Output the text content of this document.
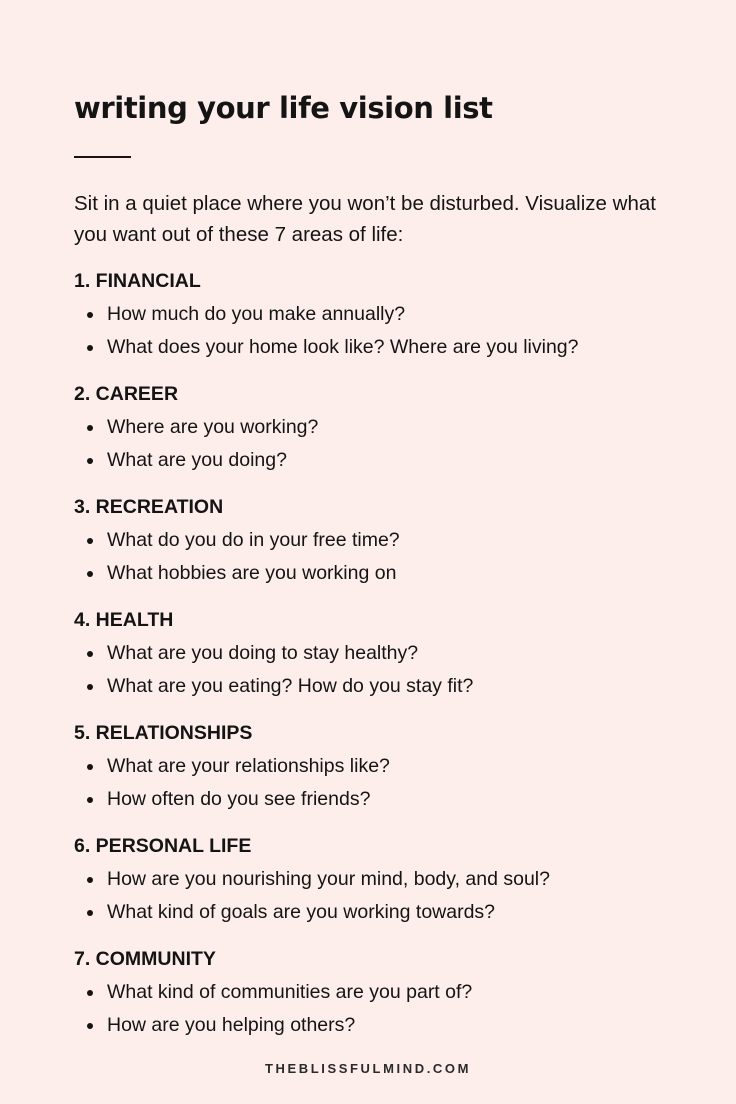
writing your life vision list
Sit in a quiet place where you won’t be disturbed. Visualize what you want out of these 7 areas of life:
1. FINANCIAL
How much do you make annually?
What does your home look like? Where are you living?
2. CAREER
Where are you working?
What are you doing?
3. RECREATION
What do you do in your free time?
What hobbies are you working on
4. HEALTH
What are you doing to stay healthy?
What are you eating? How do you stay fit?
5. RELATIONSHIPS
What are your relationships like?
How often do you see friends?
6. PERSONAL LIFE
How are you nourishing your mind, body, and soul?
What kind of goals are you working towards?
7. COMMUNITY
What kind of communities are you part of?
How are you helping others?
THEBLISSFULMIND.COM
